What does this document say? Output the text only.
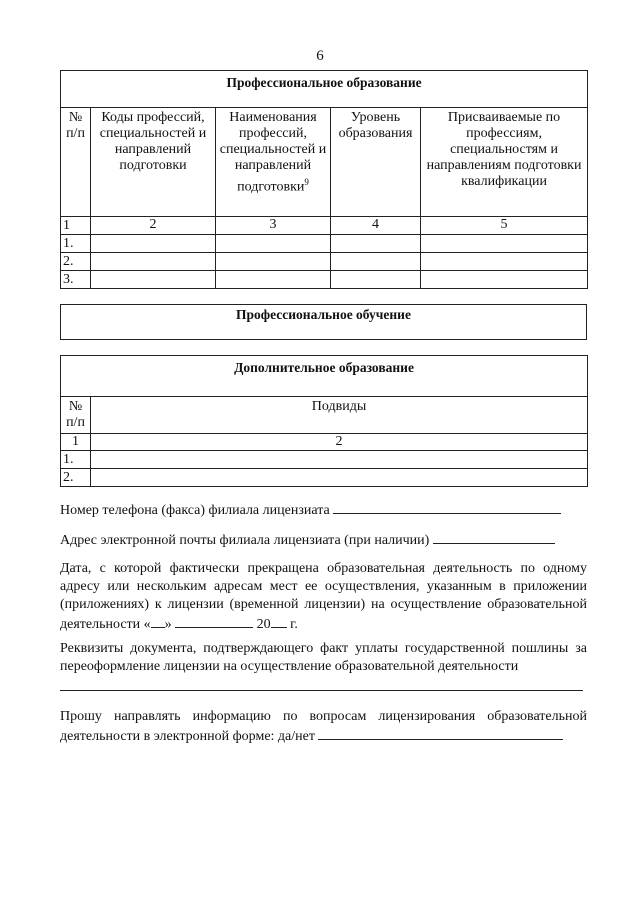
6
Профессиональное образование				
№ п/п	Коды профессий, специальностей и направлений подготовки	Наименования профессий, специальностей и направлений подготовки$^9$	Уровень образования	Присваиваемые по профессиям, специальностям и направлениям подготовки квалификации
1	2	3	4	5
1.				
2.				
3.				
Профессиональное обучение
Дополнительное образование	
№ п/п	Подвиды
1	2
1.	
2.	
Номер телефона (факса) филиала лицензиата
Адрес электронной почты филиала лицензиата (при наличии)
Дата, с которой фактически прекращена образовательная деятельность по одному адресу или нескольким адресам мест ее осуществления, указанным в приложении (приложениях) к лицензии (временной лицензии) на осуществление образовательной деятельности « »	20 г.
Реквизиты документа, подтверждающего факт уплаты государственной пошлины за переоформление лицензии на осуществление образовательной деятельности
Прошу направлять информацию по вопросам лицензирования образовательной деятельности в электронной форме: да/нет
